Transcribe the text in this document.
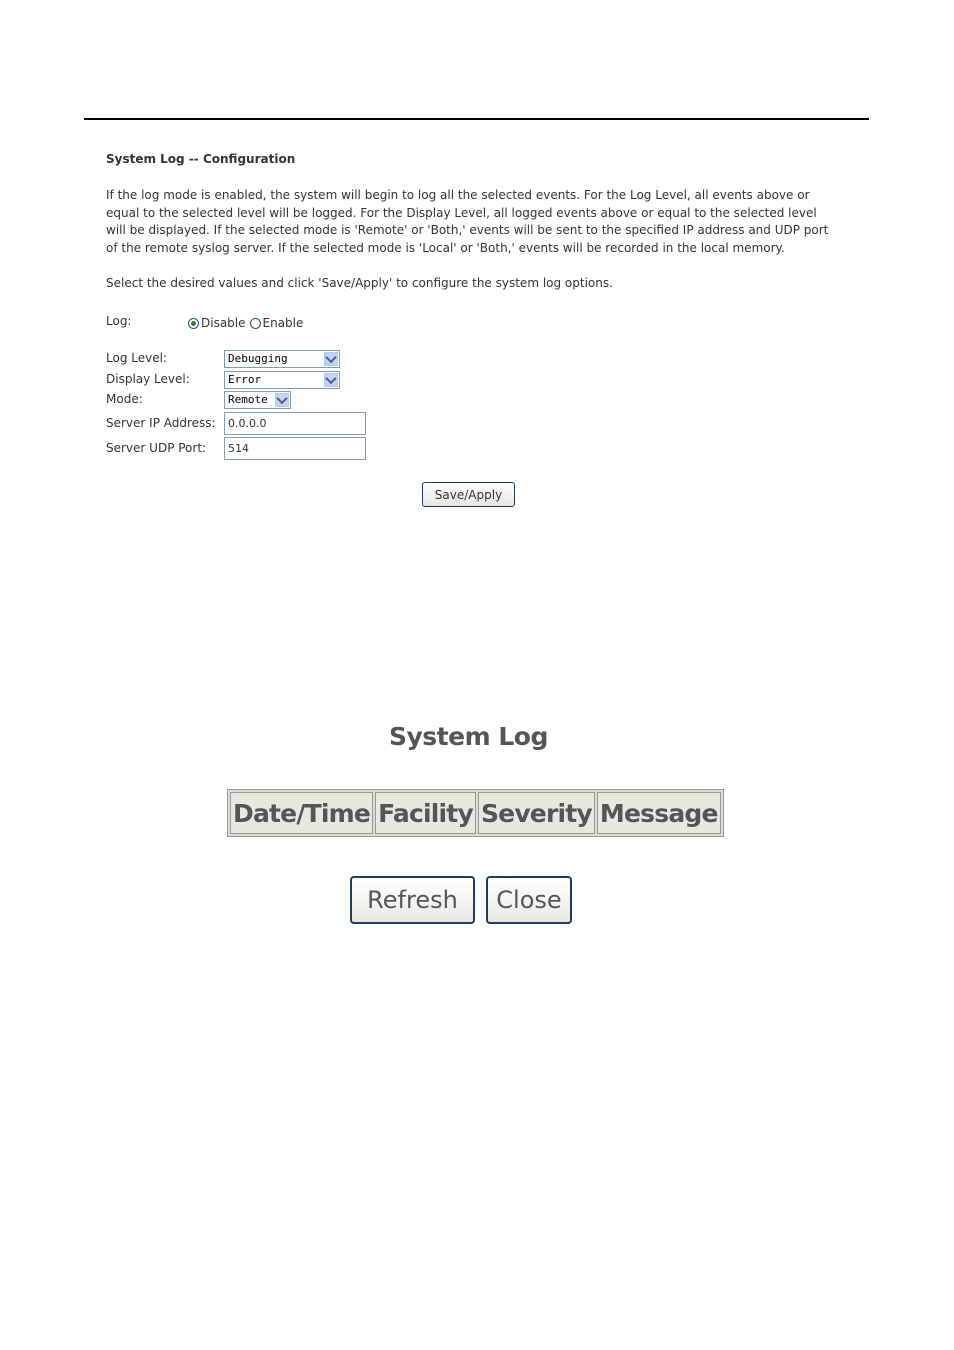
System Log -- Configuration

If the log mode is enabled, the system will begin to log all the selected events. For the Log Level, all events above or equal to the selected level will be logged. For the Display Level, all logged events above or equal to the selected level will be displayed. If the selected mode is 'Remote' or 'Both,' events will be sent to the specified IP address and UDP port of the remote syslog server. If the selected mode is 'Local' or 'Both,' events will be recorded in the local memory.

Select the desired values and click 'Save/Apply' to configure the system log options.

Log:	Disable Enable
Log Level:	Debugging
Display Level:	Error
Mode:	Remote
Server IP Address:	0.0.0.0
Server UDP Port:	514
Save/Apply
System Log
Date/Time	Facility	Severity	Message
Refresh	Close
